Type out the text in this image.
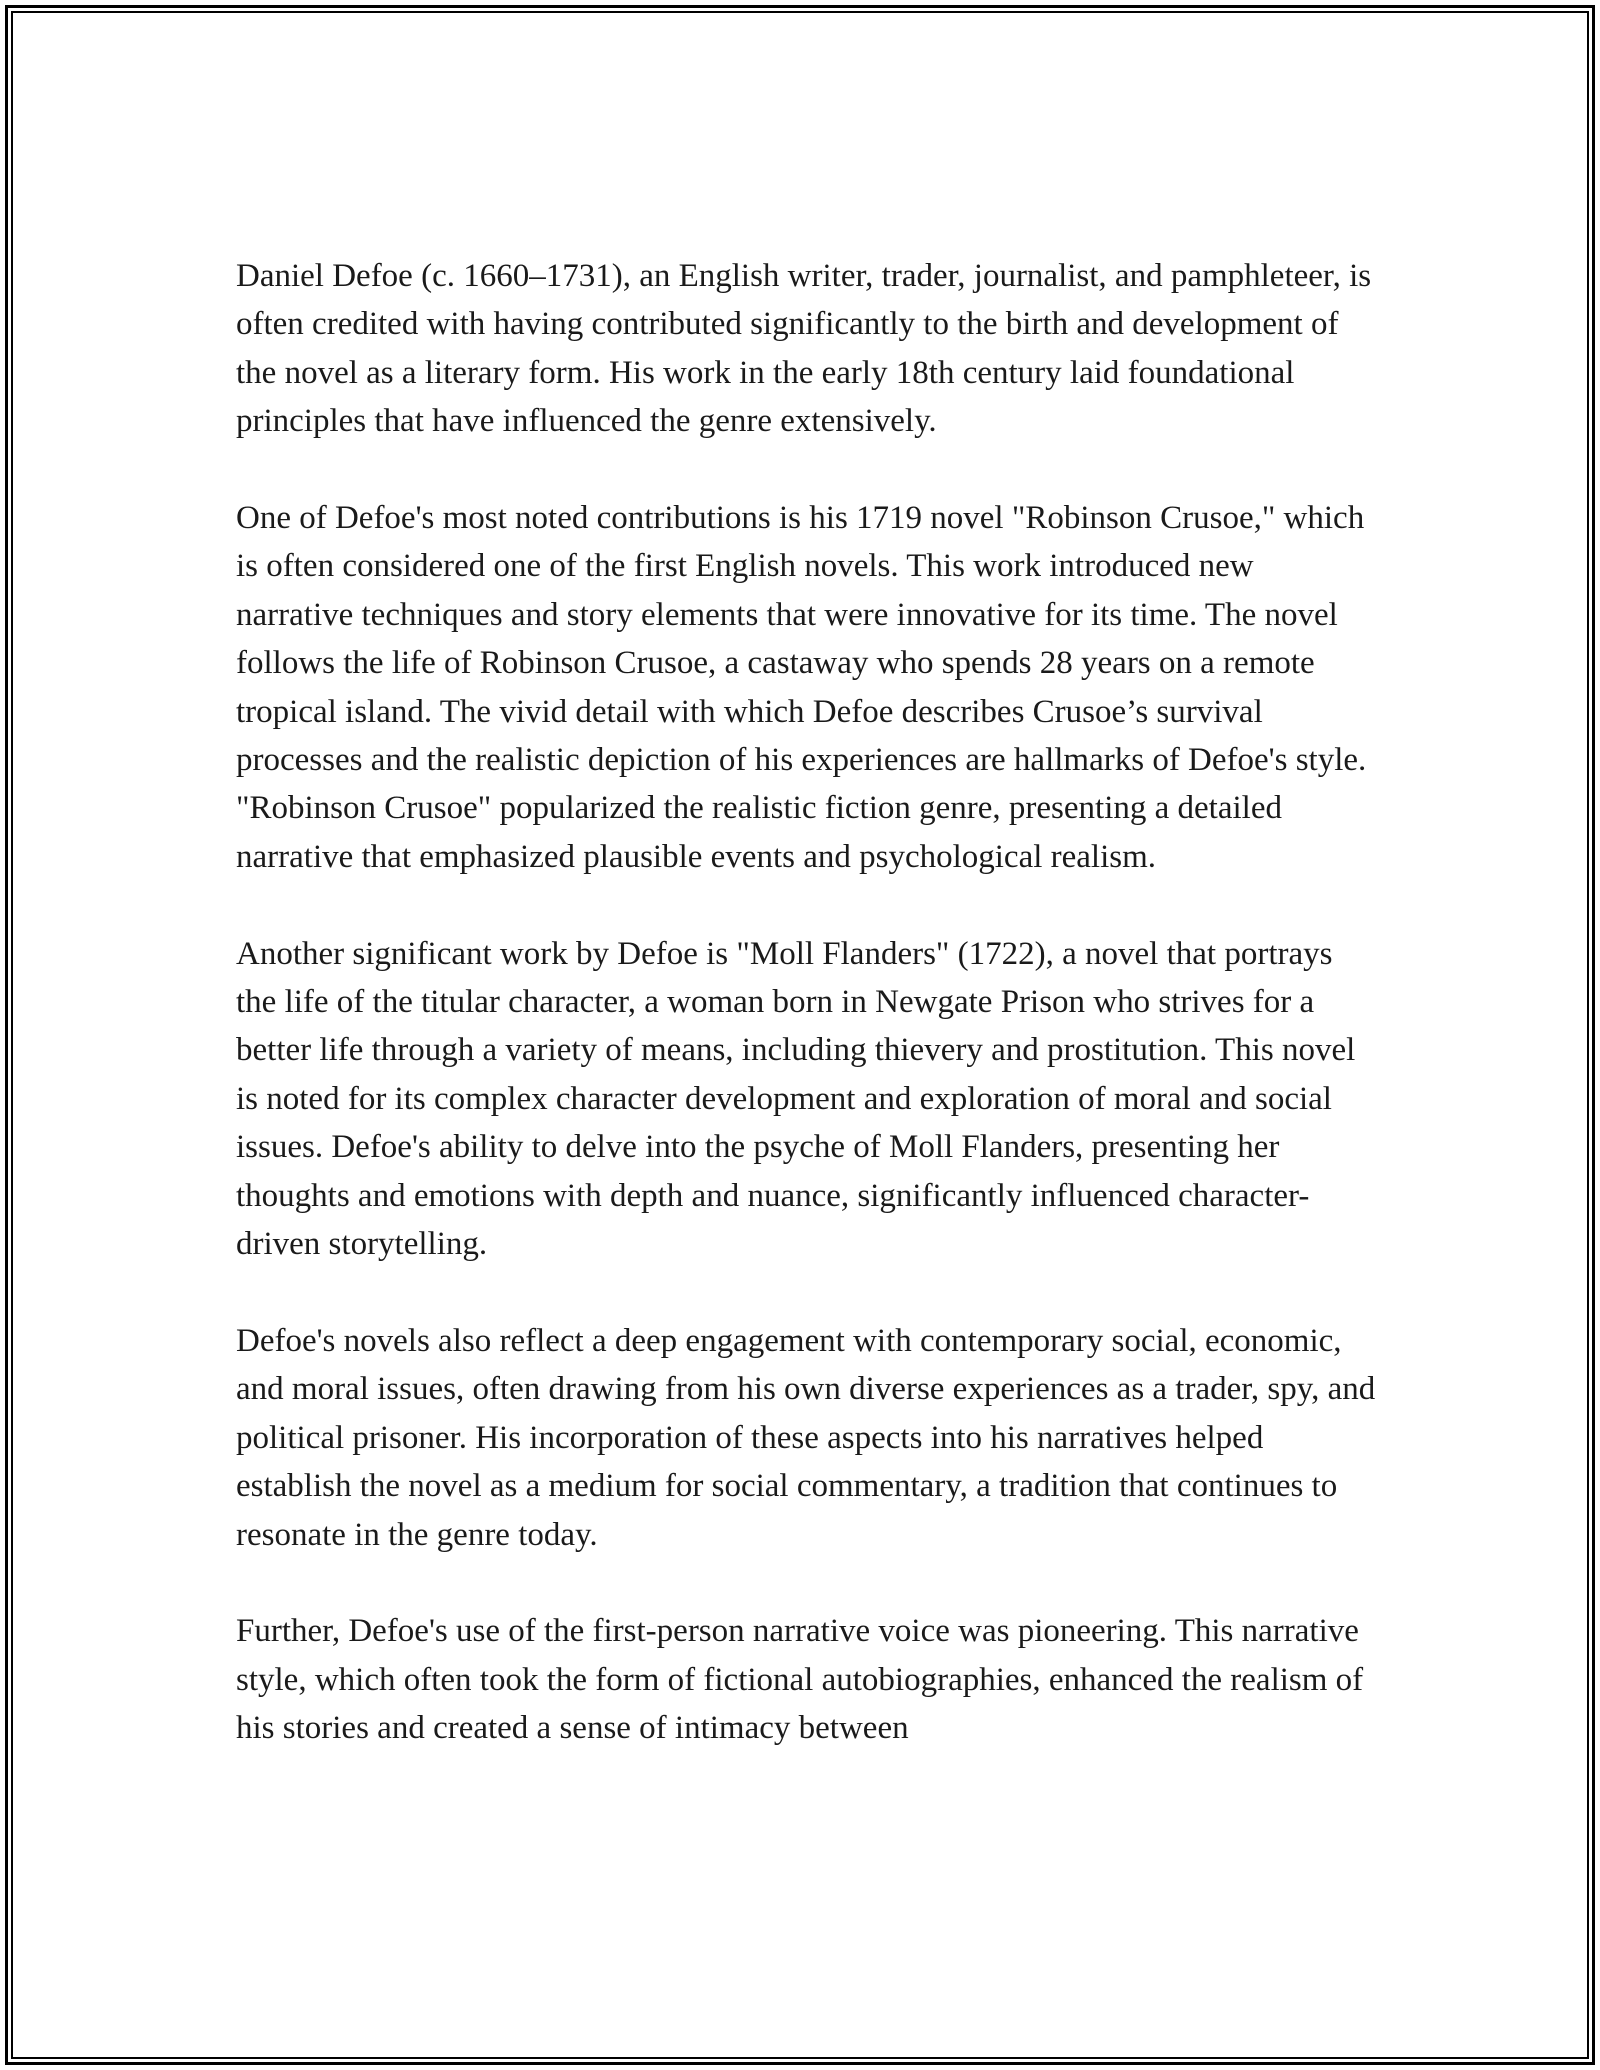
Daniel Defoe (c. 1660–1731), an English writer, trader, journalist, and pamphleteer, is often credited with having contributed significantly to the birth and development of the novel as a literary form. His work in the early 18th century laid foundational principles that have influenced the genre extensively.

One of Defoe's most noted contributions is his 1719 novel "Robinson Crusoe," which is often considered one of the first English novels. This work introduced new narrative techniques and story elements that were innovative for its time. The novel follows the life of Robinson Crusoe, a castaway who spends 28 years on a remote tropical island. The vivid detail with which Defoe describes Crusoe’s survival processes and the realistic depiction of his experiences are hallmarks of Defoe's style. "Robinson Crusoe" popularized the realistic fiction genre, presenting a detailed narrative that emphasized plausible events and psychological realism.

Another significant work by Defoe is "Moll Flanders" (1722), a novel that portrays the life of the titular character, a woman born in Newgate Prison who strives for a better life through a variety of means, including thievery and prostitution. This novel is noted for its complex character development and exploration of moral and social issues. Defoe's ability to delve into the psyche of Moll Flanders, presenting her thoughts and emotions with depth and nuance, significantly influenced character-driven storytelling.

Defoe's novels also reflect a deep engagement with contemporary social, economic, and moral issues, often drawing from his own diverse experiences as a trader, spy, and political prisoner. His incorporation of these aspects into his narratives helped establish the novel as a medium for social commentary, a tradition that continues to resonate in the genre today.

Further, Defoe's use of the first-person narrative voice was pioneering. This narrative style, which often took the form of fictional autobiographies, enhanced the realism of his stories and created a sense of intimacy between
